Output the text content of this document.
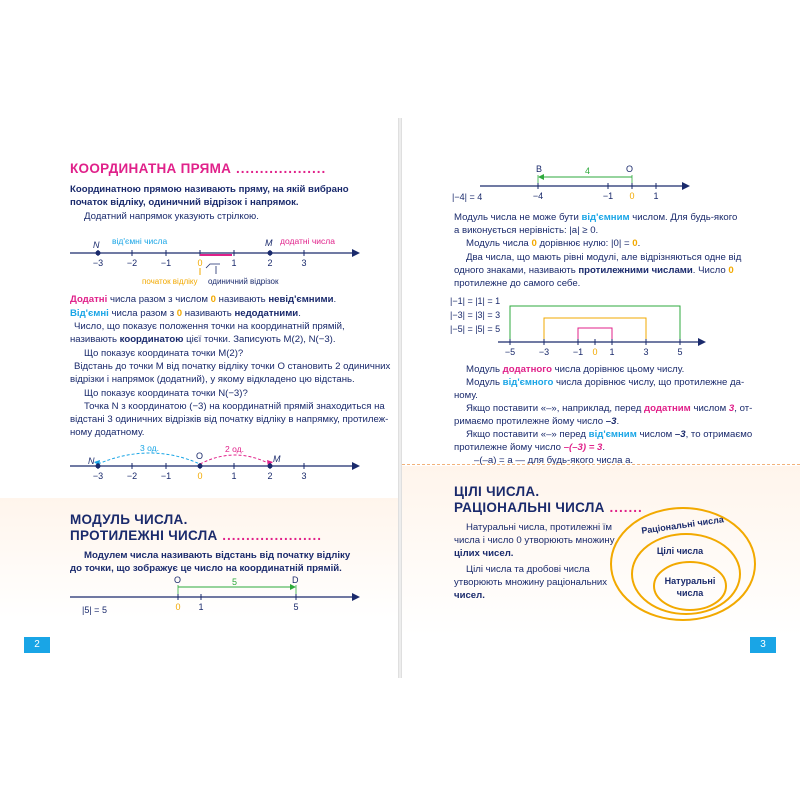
КООРДИНАТНА ПРЯМА ...................

Координатною прямою називають пряму, на якій вибрано

початок відліку, одиничний відрізок і напрямок.

Додатний напрямок указують стрілкою.

−3	−2	−1	0	1	2	3
N	M
від'ємні числа	додатні числа
початок відліку одиничний відрізок

Додатні числа разом з числом 0 називають невід'ємними.

Від'ємні числа разом з 0 називають недодатними.

Число, що показує положення точки на координатній прямій,

називають координатою цієї точки. Записують M(2), N(−3).

Що показує координата точки M(2)?

Відстань до точки M від початку відліку точки O становить 2 одиничних

відрізки і напрямок (додатний), у якому відкладено цю відстань.

Що показує координата точки N(−3)?

Точка N з координатою (−3) на координатній прямій знаходиться на

відстані 3 одиничних відрізків від початку відліку в напрямку, протилеж-

ному додатному.

3 од.	2 од.
−3	−2	−1	0	1	2	3
N	O	M
МОДУЛЬ ЧИСЛА.
ПРОТИЛЕЖНІ ЧИСЛА .....................

Модулем числа називають відстань від початку відліку

до точки, що зображує це число на координатній прямій.

5
O	D
0 1	5
|5| = 5
2
4
B	O
−4	−1 0 1
|−4| = 4

Модуль числа не може бути від'ємним числом. Для будь-якого

а виконується нерівність: |a| ≥ 0.

Модуль числа 0 дорівнює нулю: |0| = 0.

Два числа, що мають рівні модулі, але відрізняються одне від

одного знаками, називають протилежними числами. Число 0

протилежне до самого себе.

|−1| = |1| = 1
|−3| = |3| = 3
|−5| = |5| = 5
−5	−3	−1 0 1	3	5

Модуль додатного числа дорівнює цьому числу.

Модуль від'ємного числа дорівнює числу, що протилежне да-

ному.

Якщо поставити «–», наприклад, перед додатним числом 3, от-

римаємо протилежне йому число –3.

Якщо поставити «–» перед від'ємним числом –3, то отримаємо

протилежне йому число –(–3) = 3.

–(–a) = a — для будь-якого числа a.

ЦІЛІ ЧИСЛА.
РАЦІОНАЛЬНІ ЧИСЛА .......

Натуральні числа, протилежні їм

числа і число 0 утворюють множину

цілих чисел.

Цілі числа та дробові числа

утворюють множину раціональних

чисел.

Раціональні числа
Цілі числа
Натуральні
числа
3
